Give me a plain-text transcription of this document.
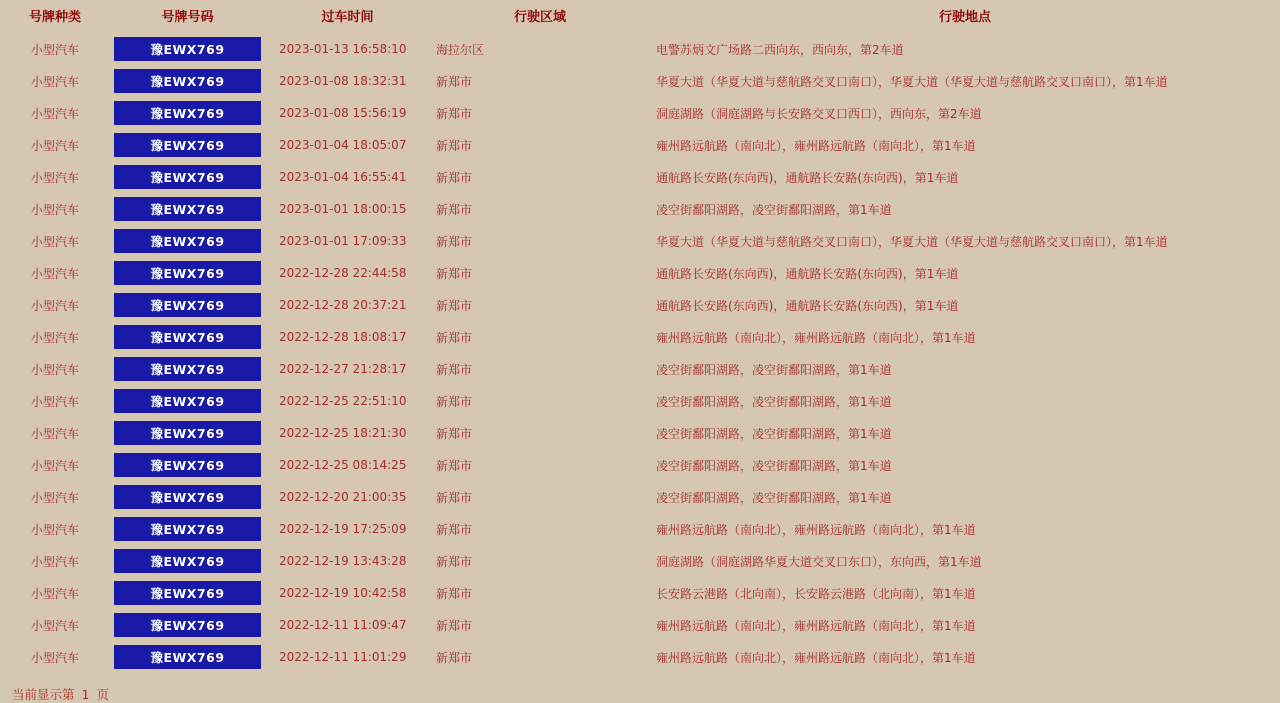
号牌种类	号牌号码	过车时间	行驶区域	行驶地点
小型汽车	豫EWX769	2023-01-13 16:58:10	海拉尔区	电警苏炳文广场路二西向东，西向东，第2车道
小型汽车	豫EWX769	2023-01-08 18:32:31	新郑市	华夏大道（华夏大道与慈航路交叉口南口），华夏大道（华夏大道与慈航路交叉口南口），第1车道
小型汽车	豫EWX769	2023-01-08 15:56:19	新郑市	洞庭湖路（洞庭湖路与长安路交叉口西口），西向东，第2车道
小型汽车	豫EWX769	2023-01-04 18:05:07	新郑市	雍州路远航路（南向北），雍州路远航路（南向北），第1车道
小型汽车	豫EWX769	2023-01-04 16:55:41	新郑市	通航路长安路(东向西)，通航路长安路(东向西)，第1车道
小型汽车	豫EWX769	2023-01-01 18:00:15	新郑市	凌空街鄱阳湖路，凌空街鄱阳湖路，第1车道
小型汽车	豫EWX769	2023-01-01 17:09:33	新郑市	华夏大道（华夏大道与慈航路交叉口南口），华夏大道（华夏大道与慈航路交叉口南口），第1车道
小型汽车	豫EWX769	2022-12-28 22:44:58	新郑市	通航路长安路(东向西)，通航路长安路(东向西)，第1车道
小型汽车	豫EWX769	2022-12-28 20:37:21	新郑市	通航路长安路(东向西)，通航路长安路(东向西)，第1车道
小型汽车	豫EWX769	2022-12-28 18:08:17	新郑市	雍州路远航路（南向北），雍州路远航路（南向北），第1车道
小型汽车	豫EWX769	2022-12-27 21:28:17	新郑市	凌空街鄱阳湖路，凌空街鄱阳湖路，第1车道
小型汽车	豫EWX769	2022-12-25 22:51:10	新郑市	凌空街鄱阳湖路，凌空街鄱阳湖路，第1车道
小型汽车	豫EWX769	2022-12-25 18:21:30	新郑市	凌空街鄱阳湖路，凌空街鄱阳湖路，第1车道
小型汽车	豫EWX769	2022-12-25 08:14:25	新郑市	凌空街鄱阳湖路，凌空街鄱阳湖路，第1车道
小型汽车	豫EWX769	2022-12-20 21:00:35	新郑市	凌空街鄱阳湖路，凌空街鄱阳湖路，第1车道
小型汽车	豫EWX769	2022-12-19 17:25:09	新郑市	雍州路远航路（南向北），雍州路远航路（南向北），第1车道
小型汽车	豫EWX769	2022-12-19 13:43:28	新郑市	洞庭湖路（洞庭湖路华夏大道交叉口东口），东向西，第1车道
小型汽车	豫EWX769	2022-12-19 10:42:58	新郑市	长安路云港路（北向南），长安路云港路（北向南），第1车道
小型汽车	豫EWX769	2022-12-11 11:09:47	新郑市	雍州路远航路（南向北），雍州路远航路（南向北），第1车道
小型汽车	豫EWX769	2022-12-11 11:01:29	新郑市	雍州路远航路（南向北），雍州路远航路（南向北），第1车道
当前显示第 1 页
